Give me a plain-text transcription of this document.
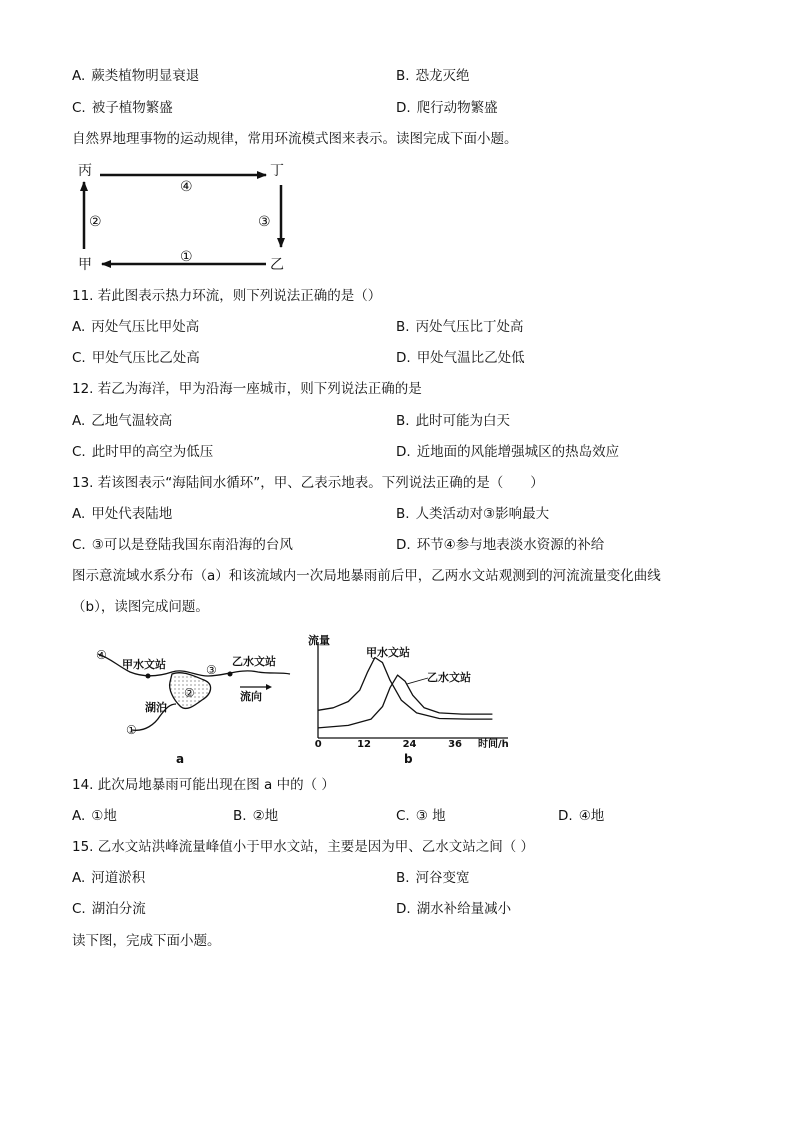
A. 蕨类植物明显衰退	B. 恐龙灭绝
C. 被子植物繁盛	D. 爬行动物繁盛
自然界地理事物的运动规律，常用环流模式图来表示。读图完成下面小题。
丙	丁
甲	乙
④
③
①
②
11. 若此图表示热力环流，则下列说法正确的是（）
A. 丙处气压比甲处高	B. 丙处气压比丁处高
C. 甲处气压比乙处高	D. 甲处气温比乙处低
12. 若乙为海洋，甲为沿海一座城市，则下列说法正确的是
A. 乙地气温较高	B. 此时可能为白天
C. 此时甲的高空为低压	D. 近地面的风能增强城区的热岛效应
13. 若该图表示“海陆间水循环”，甲、乙表示地表。下列说法正确的是（　　）
A. 甲处代表陆地	B. 人类活动对③影响最大
C. ③可以是登陆我国东南沿海的台风	D. 环节④参与地表淡水资源的补给
图示意流域水系分布（a）和该流域内一次局地暴雨前后甲，乙两水文站观测到的河流流量变化曲线
（b），读图完成问题。
④
甲水文站	③
乙水文站
②
湖泊
流向
①
a
流量
时间/h
0	12	24	36
b
甲水文站
乙水文站
14. 此次局地暴雨可能出现在图 a 中的（ ）
A. ①地	B. ②地	C. ③ 地	D. ④地
15. 乙水文站洪峰流量峰值小于甲水文站，主要是因为甲、乙水文站之间（ ）
A. 河道淤积	B. 河谷变宽
C. 湖泊分流	D. 湖水补给量减小
读下图，完成下面小题。
